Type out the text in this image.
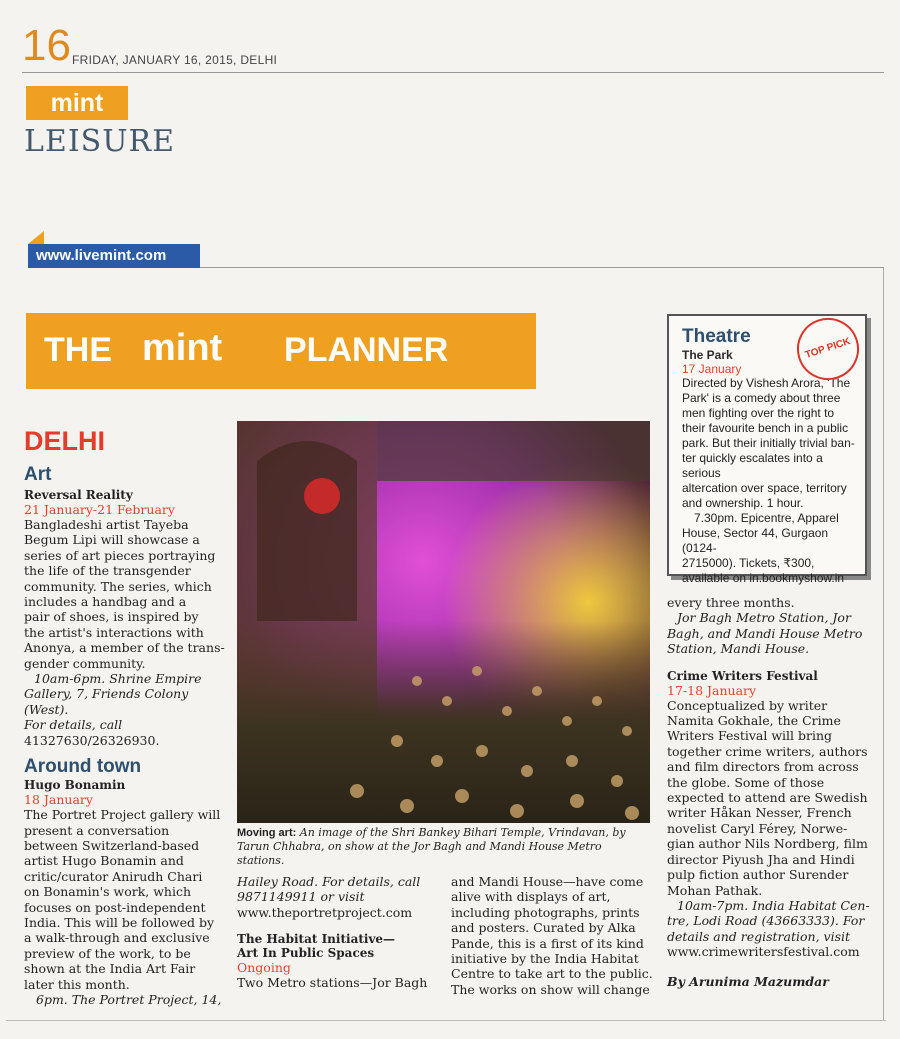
16 FRIDAY, JANUARY 16, 2015, DELHI
mint
LEISURE
www.livemint.com
THE mint PLANNER
DELHI
Art
Reversal Reality
21 January-21 February
Bangladeshi artist Tayeba
Begum Lipi will showcase a
series of art pieces portraying
the life of the transgender
community. The series, which
includes a handbag and a
pair of shoes, is inspired by
the artist's interactions with
Anonya, a member of the trans-
gender community.
10am-6pm. Shrine Empire
Gallery, 7, Friends Colony (West).
For details, call
41327630/26326930.
Around town
Hugo Bonamin
18 January
The Portret Project gallery will
present a conversation
between Switzerland-based
artist Hugo Bonamin and
critic/curator Anirudh Chari
on Bonamin's work, which
focuses on post-independent
India. This will be followed by
a walk-through and exclusive
preview of the work, to be
shown at the India Art Fair
later this month.
6pm. The Portret Project, 14,
Moving art: An image of the Shri Bankey Bihari Temple, Vrindavan, by Tarun Chhabra, on show at the Jor Bagh and Mandi House Metro stations.
Hailey Road. For details, call
9871149911 or visit
www.theportretproject.com
The Habitat Initiative—
Art In Public Spaces
Ongoing
Two Metro stations—Jor Bagh
and Mandi House—have come
alive with displays of art,
including photographs, prints
and posters. Curated by Alka
Pande, this is a first of its kind
initiative by the India Habitat
Centre to take art to the public.
The works on show will change
Theatre
The Park
17 January
Directed by Vishesh Arora, 'The
Park' is a comedy about three
men fighting over the right to
their favourite bench in a public
park. But their initially trivial ban-
ter quickly escalates into a serious
altercation over space, territory
and ownership. 1 hour.
7.30pm. Epicentre, Apparel
House, Sector 44, Gurgaon (0124-
2715000). Tickets, ₹300,
available on in.bookmyshow.in
TOP PICK
every three months.
Jor Bagh Metro Station, Jor
Bagh, and Mandi House Metro
Station, Mandi House.
Crime Writers Festival
17-18 January
Conceptualized by writer
Namita Gokhale, the Crime
Writers Festival will bring
together crime writers, authors
and film directors from across
the globe. Some of those
expected to attend are Swedish
writer Håkan Nesser, French
novelist Caryl Férey, Norwe-
gian author Nils Nordberg, film
director Piyush Jha and Hindi
pulp fiction author Surender
Mohan Pathak.
10am-7pm. India Habitat Cen-
tre, Lodi Road (43663333). For
details and registration, visit
www.crimewritersfestival.com
By Arunima Mazumdar
